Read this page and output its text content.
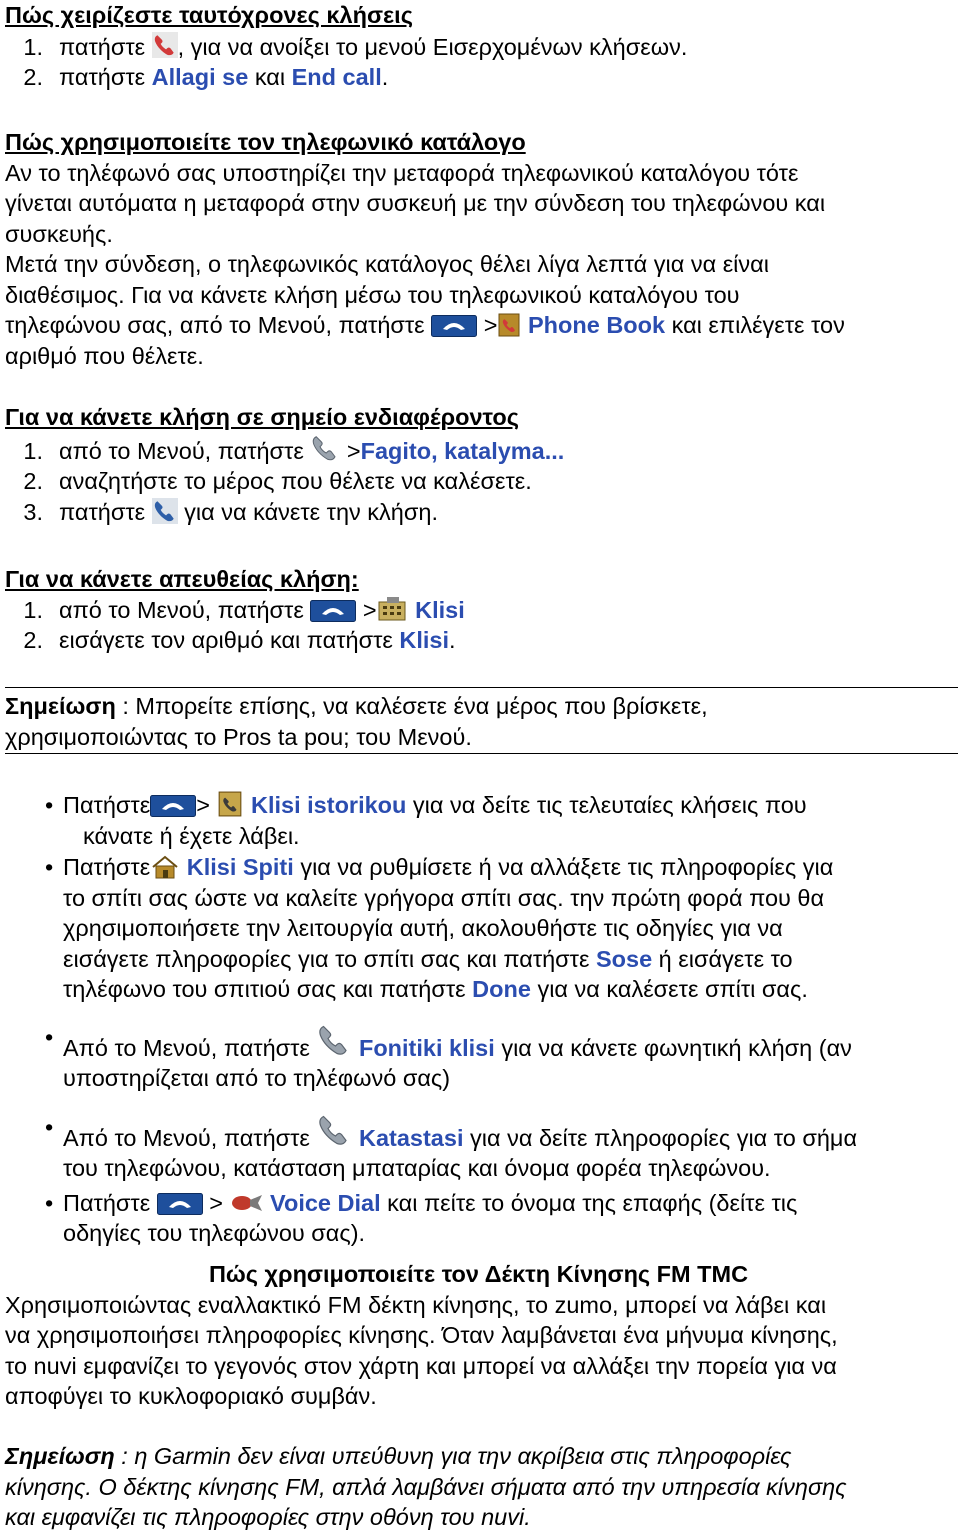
Πώς χειρίζεστε ταυτόχρονες κλήσεις
1. πατήστε , για να ανοίξει το μενού Εισερχομένων κλήσεων.
2. πατήστε Allagi se και End call.
Πώς χρησιμοποιείτε τον τηλεφωνικό κατάλογο
Αν το τηλέφωνό σας υποστηρίζει την μεταφορά τηλεφωνικού καταλόγου τότε
γίνεται αυτόματα η μεταφορά στην συσκευή με την σύνδεση του τηλεφώνου και
συσκευής.
Μετά την σύνδεση, ο τηλεφωνικός κατάλογος θέλει λίγα λεπτά για να είναι
διαθέσιμος. Για να κάνετε κλήση μέσω του τηλεφωνικού καταλόγου του
τηλεφώνου σας, από το Μενού, πατήστε	> Phone Book και επιλέγετε τον
αριθμό που θέλετε.
Για να κάνετε κλήση σε σημείο ενδιαφέροντος
1. από το Μενού, πατήστε >Fagito, katalyma...
2. αναζητήστε το μέρος που θέλετε να καλέσετε.
3. πατήστε για να κάνετε την κλήση.
Για να κάνετε απευθείας κλήση:
1. από το Μενού, πατήστε	> Klisi
2. εισάγετε τον αριθμό και πατήστε Klisi.
Σημείωση : Μπορείτε επίσης, να καλέσετε ένα μέρος που βρίσκετε,
χρησιμοποιώντας το Pros ta pou; του Μενού.
• Πατήστε > Klisi istorikou για να δείτε τις τελευταίες κλήσεις που
κάνατε ή έχετε λάβει.
• Πατήστε Klisi Spiti για να ρυθμίσετε ή να αλλάξετε τις πληροφορίες για
το σπίτι σας ώστε να καλείτε γρήγορα σπίτι σας. την πρώτη φορά που θα
χρησιμοποιήσετε την λειτουργία αυτή, ακολουθήστε τις οδηγίες για να
εισάγετε πληροφορίες για το σπίτι σας και πατήστε Sose ή εισάγετε το
τηλέφωνο του σπιτιού σας και πατήστε Done για να καλέσετε σπίτι σας.
• Από το Μενού, πατήστε Fonitiki klisi για να κάνετε φωνητική κλήση (αν
υποστηρίζεται από το τηλέφωνό σας)
• Από το Μενού, πατήστε Katastasi για να δείτε πληροφορίες για το σήμα
του τηλεφώνου, κατάσταση μπαταρίας και όνομα φορέα τηλεφώνου.
• Πατήστε	> Voice Dial και πείτε το όνομα της επαφής (δείτε τις
οδηγίες του τηλεφώνου σας).
Πώς χρησιμοποιείτε τον Δέκτη Κίνησης FM TMC
Χρησιμοποιώντας εναλλακτικό FM δέκτη κίνησης, το zumo, μπορεί να λάβει και
να χρησιμοποιήσει πληροφορίες κίνησης. Όταν λαμβάνεται ένα μήνυμα κίνησης,
το nuvi εμφανίζει το γεγονός στον χάρτη και μπορεί να αλλάξει την πορεία για να
αποφύγει το κυκλοφοριακό συμβάν.
Σημείωση : η Garmin δεν είναι υπεύθυνη για την ακρίβεια στις πληροφορίες
κίνησης. Ο δέκτης κίνησης FM, απλά λαμβάνει σήματα από την υπηρεσία κίνησης
και εμφανίζει τις πληροφορίες στην οθόνη του nuvi.
